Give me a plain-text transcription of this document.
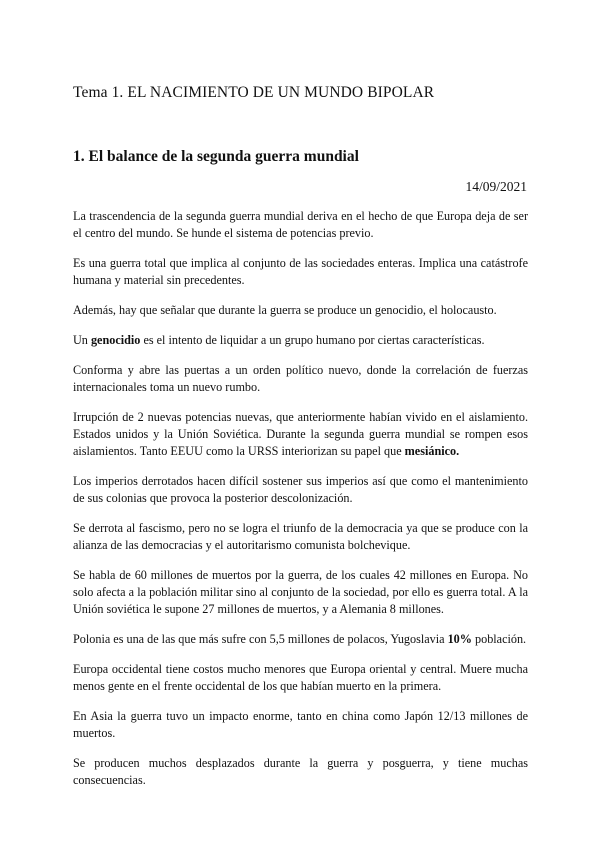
Tema 1. EL NACIMIENTO DE UN MUNDO BIPOLAR
1. El balance de la segunda guerra mundial
14/09/2021

La trascendencia de la segunda guerra mundial deriva en el hecho de que Europa deja de ser el centro del mundo. Se hunde el sistema de potencias previo.

Es una guerra total que implica al conjunto de las sociedades enteras. Implica una catástrofe humana y material sin precedentes.

Además, hay que señalar que durante la guerra se produce un genocidio, el holocausto.

Un genocidio es el intento de liquidar a un grupo humano por ciertas características.

Conforma y abre las puertas a un orden político nuevo, donde la correlación de fuerzas internacionales toma un nuevo rumbo.

Irrupción de 2 nuevas potencias nuevas, que anteriormente habían vivido en el aislamiento. Estados unidos y la Unión Soviética. Durante la segunda guerra mundial se rompen esos aislamientos. Tanto EEUU como la URSS interiorizan su papel que mesiánico.

Los imperios derrotados hacen difícil sostener sus imperios así que como el mantenimiento de sus colonias que provoca la posterior descolonización.

Se derrota al fascismo, pero no se logra el triunfo de la democracia ya que se produce con la alianza de las democracias y el autoritarismo comunista bolchevique.

Se habla de 60 millones de muertos por la guerra, de los cuales 42 millones en Europa. No solo afecta a la población militar sino al conjunto de la sociedad, por ello es guerra total. A la Unión soviética le supone 27 millones de muertos, y a Alemania 8 millones.

Polonia es una de las que más sufre con 5,5 millones de polacos, Yugoslavia 10% población.

Europa occidental tiene costos mucho menores que Europa oriental y central. Muere mucha menos gente en el frente occidental de los que habían muerto en la primera.

En Asia la guerra tuvo un impacto enorme, tanto en china como Japón 12/13 millones de muertos.

Se producen muchos desplazados durante la guerra y posguerra, y tiene muchas consecuencias.
